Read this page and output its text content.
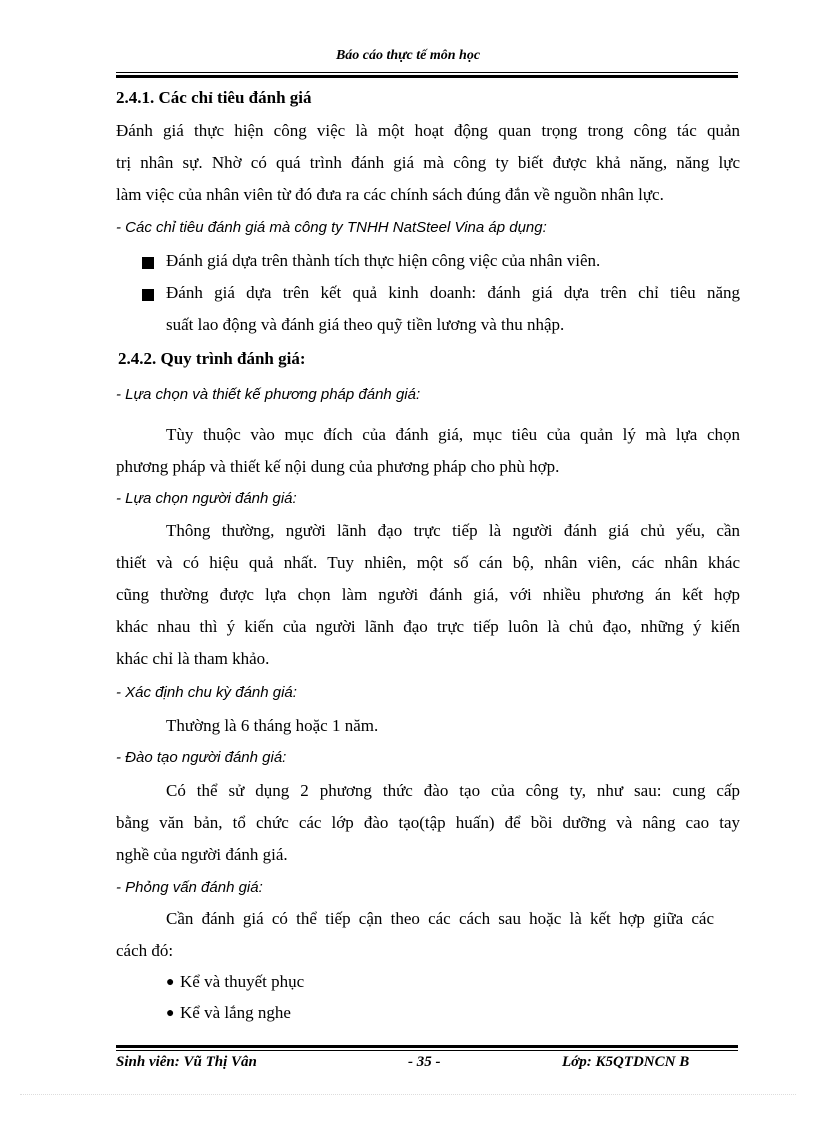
Báo cáo thực tế môn học
2.4.1. Các chỉ tiêu đánh giá
Đánh giá thực hiện công việc là một hoạt động quan trọng trong công tác quản
trị nhân sự. Nhờ có quá trình đánh giá mà công ty biết được khả năng, năng lực
làm việc của nhân viên từ đó đưa ra các chính sách đúng đắn về nguồn nhân lực.
- Các chỉ tiêu đánh giá mà công ty TNHH NatSteel Vina áp dụng:
Đánh giá dựa trên thành tích thực hiện công việc của nhân viên.
Đánh giá dựa trên kết quả kinh doanh: đánh giá dựa trên chỉ tiêu năng
suất lao động và đánh giá theo quỹ tiền lương và thu nhập.
2.4.2. Quy trình đánh giá:
- Lựa chọn và thiết kế phương pháp đánh giá:
Tùy thuộc vào mục đích của đánh giá, mục tiêu của quản lý mà lựa chọn
phương pháp và thiết kế nội dung của phương pháp cho phù hợp.
- Lựa chọn người đánh giá:
Thông thường, người lãnh đạo trực tiếp là người đánh giá chủ yếu, cần
thiết và có hiệu quả nhất. Tuy nhiên, một số cán bộ, nhân viên, các nhân khác
cũng thường được lựa chọn làm người đánh giá, với nhiều phương án kết hợp
khác nhau thì ý kiến của người lãnh đạo trực tiếp luôn là chủ đạo, những ý kiến
khác chỉ là tham khảo.
- Xác định chu kỳ đánh giá:
Thường là 6 tháng hoặc 1 năm.
- Đào tạo người đánh giá:
Có thể sử dụng 2 phương thức đào tạo của công ty, như sau: cung cấp
bằng văn bản, tổ chức các lớp đào tạo(tập huấn) để bồi dưỡng và nâng cao tay
nghề của người đánh giá.
- Phỏng vấn đánh giá:
Cần đánh giá có thể tiếp cận theo các cách sau hoặc là kết hợp giữa các
cách đó:
● Kể và thuyết phục
● Kể và lắng nghe
Sinh viên: Vũ Thị Vân	- 35 -	Lớp: K5QTDNCN B
